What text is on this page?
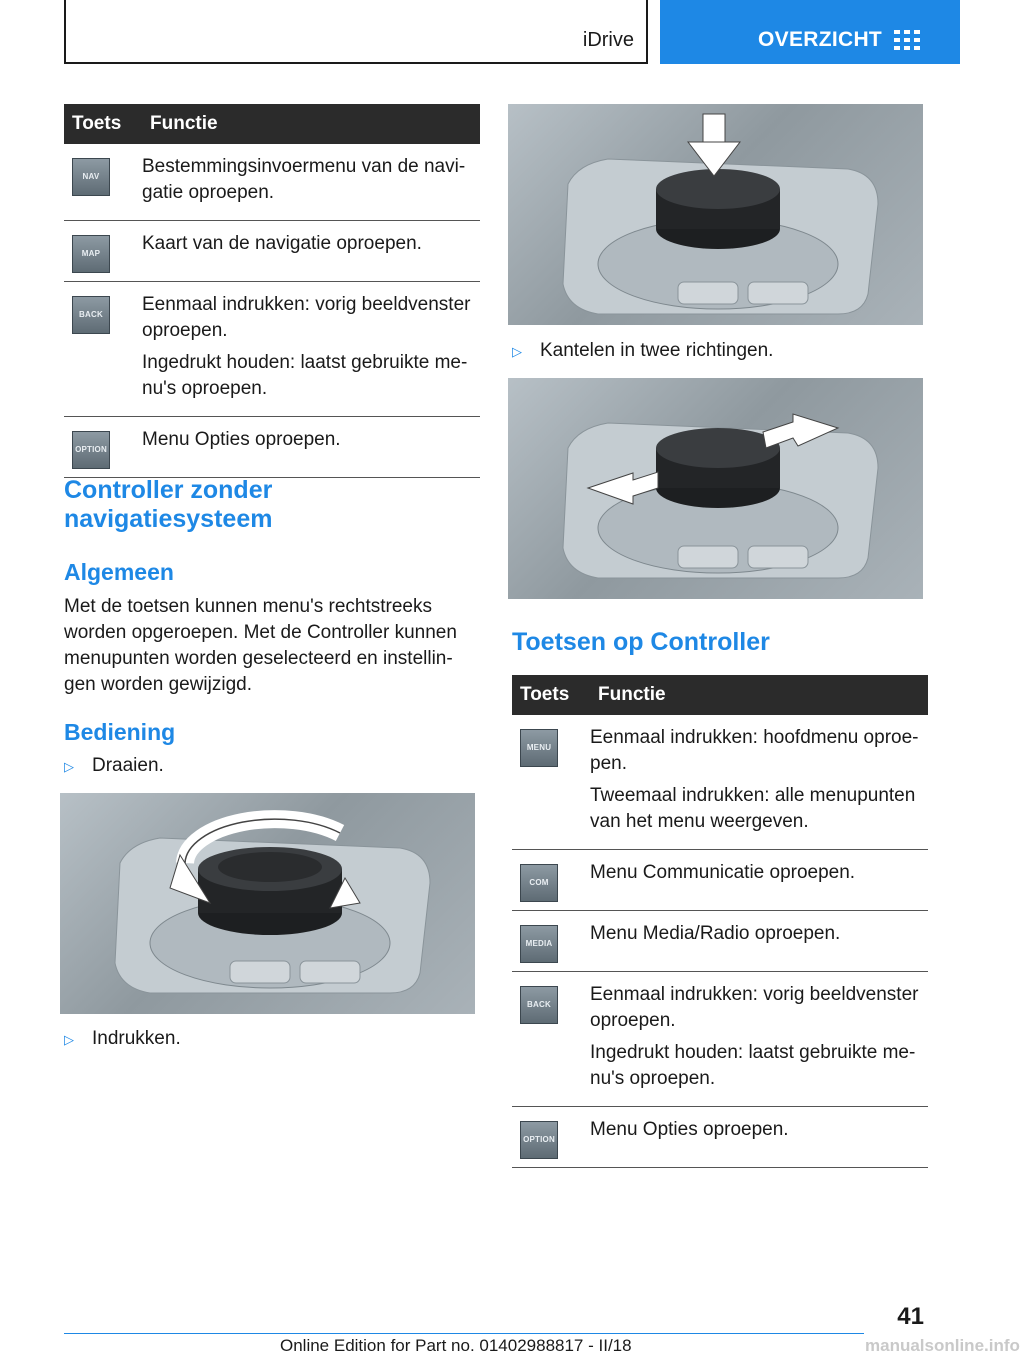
iDrive	OVERZICHT
Toets	Functie

NAV	Bestemmingsinvoermenu van de navigatie oproepen.

MAP	Kaart van de navigatie oproepen.

BACK	Eenmaal indrukken: vorig beeldvenster oproepen.

Ingedrukt houden: laatst gebruikte menu's oproepen.

OPTION	Menu Opties oproepen.

Controller zonder navigatiesysteem
Algemeen
Met de toetsen kunnen menu's rechtstreeks worden opgeroepen. Met de Controller kunnen menupunten worden geselecteerd en instellingen worden gewijzigd.
Bediening
▷ Draaien.
▷ Indrukken.
▷ Kantelen in twee richtingen.
Toetsen op Controller
Toets	Functie

MENU	Eenmaal indrukken: hoofdmenu oproepen.

Tweemaal indrukken: alle menupunten van het menu weergeven.

COM	Menu Communicatie oproepen.

MEDIA	Menu Media/Radio oproepen.

BACK	Eenmaal indrukken: vorig beeldvenster oproepen.

Ingedrukt houden: laatst gebruikte menu's oproepen.

OPTION	Menu Opties oproepen.

41
Online Edition for Part no. 01402988817 - II/18	manualsonline.info
